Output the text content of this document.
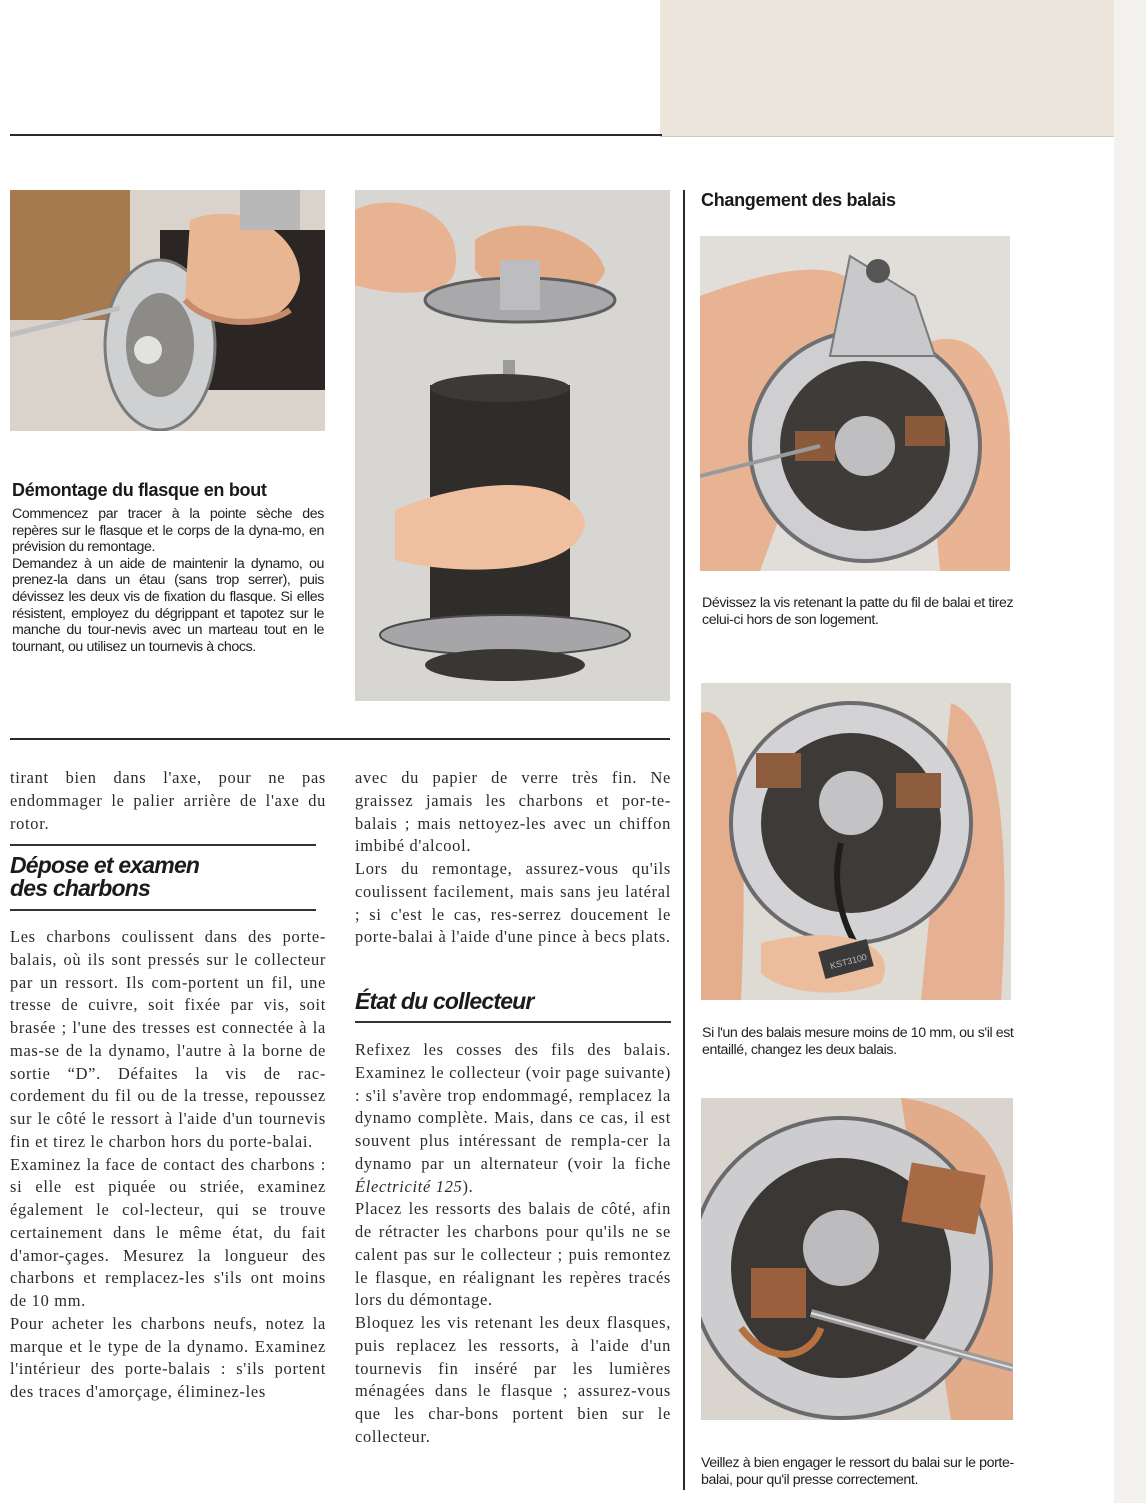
Démontage du flasque en bout

Commencez par tracer à la pointe sèche des repères sur le flasque et le corps de la dyna-mo, en prévision du remontage.

Demandez à un aide de maintenir la dynamo, ou prenez-la dans un étau (sans trop serrer), puis dévissez les deux vis de fixation du flasque. Si elles résistent, employez du dégrippant et tapotez sur le manche du tour-nevis avec un marteau tout en le tournant, ou utilisez un tournevis à chocs.

Changement des balais
Dévissez la vis retenant la patte du fil de balai et tirez celui-ci hors de son logement.
KST3100
Si l'un des balais mesure moins de 10 mm, ou s'il est entaillé, changez les deux balais.
Veillez à bien engager le ressort du balai sur le porte-balai, pour qu'il presse correctement.
tirant bien dans l'axe, pour ne pas endommager le palier arrière de l'axe du rotor.
Dépose et examen
des charbons

Les charbons coulissent dans des porte-balais, où ils sont pressés sur le collecteur par un ressort. Ils com-portent un fil, une tresse de cuivre, soit fixée par vis, soit brasée ; l'une des tresses est connectée à la mas-se de la dynamo, l'autre à la borne de sortie “D”. Défaites la vis de rac-cordement du fil ou de la tresse, repoussez sur le côté le ressort à l'aide d'un tournevis fin et tirez le charbon hors du porte-balai.

Examinez la face de contact des charbons : si elle est piquée ou striée, examinez également le col-lecteur, qui se trouve certainement dans le même état, du fait d'amor-çages. Mesurez la longueur des charbons et remplacez-les s'ils ont moins de 10 mm.

Pour acheter les charbons neufs, notez la marque et le type de la dynamo. Examinez l'intérieur des porte-balais : s'ils portent des traces d'amorçage, éliminez-les

avec du papier de verre très fin. Ne graissez jamais les charbons et por-te-balais ; mais nettoyez-les avec un chiffon imbibé d'alcool.

Lors du remontage, assurez-vous qu'ils coulissent facilement, mais sans jeu latéral ; si c'est le cas, res-serrez doucement le porte-balai à l'aide d'une pince à becs plats.

État du collecteur

Refixez les cosses des fils des balais. Examinez le collecteur (voir page suivante) : s'il s'avère trop endommagé, remplacez la dynamo complète. Mais, dans ce cas, il est souvent plus intéressant de rempla-cer la dynamo par un alternateur (voir la fiche Électricité 125).

Placez les ressorts des balais de côté, afin de rétracter les charbons pour qu'ils ne se calent pas sur le collecteur ; puis remontez le flasque, en réalignant les repères tracés lors du démontage.

Bloquez les vis retenant les deux flasques, puis replacez les ressorts, à l'aide d'un tournevis fin inséré par les lumières ménagées dans le flasque ; assurez-vous que les char-bons portent bien sur le collecteur.
